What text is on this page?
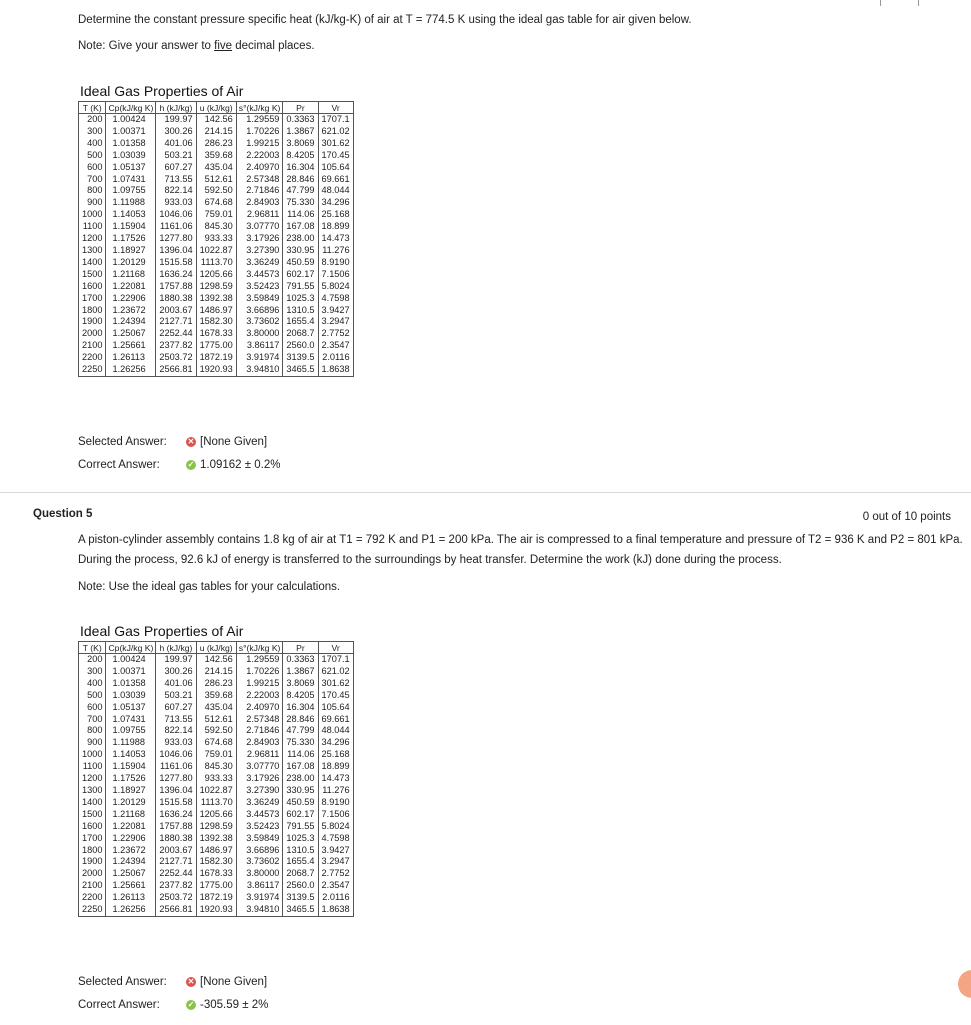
Determine the constant pressure specific heat (kJ/kg-K) of air at T = 774.5 K using the ideal gas table for air given below.
Note: Give your answer to five decimal places.
Ideal Gas Properties of Air
T (K)	Cp(kJ/kg K)	h (kJ/kg)	u (kJ/kg)	s°(kJ/kg K)	Pr	Vr
200	1.00424	199.97	142.56	1.29559	0.3363	1707.1
300	1.00371	300.26	214.15	1.70226	1.3867	621.02
400	1.01358	401.06	286.23	1.99215	3.8069	301.62
500	1.03039	503.21	359.68	2.22003	8.4205	170.45
600	1.05137	607.27	435.04	2.40970	16.304	105.64
700	1.07431	713.55	512.61	2.57348	28.846	69.661
800	1.09755	822.14	592.50	2.71846	47.799	48.044
900	1.11988	933.03	674.68	2.84903	75.330	34.296
1000	1.14053	1046.06	759.01	2.96811	114.06	25.168
1100	1.15904	1161.06	845.30	3.07770	167.08	18.899
1200	1.17526	1277.80	933.33	3.17926	238.00	14.473
1300	1.18927	1396.04	1022.87	3.27390	330.95	11.276
1400	1.20129	1515.58	1113.70	3.36249	450.59	8.9190
1500	1.21168	1636.24	1205.66	3.44573	602.17	7.1506
1600	1.22081	1757.88	1298.59	3.52423	791.55	5.8024
1700	1.22906	1880.38	1392.38	3.59849	1025.3	4.7598
1800	1.23672	2003.67	1486.97	3.66896	1310.5	3.9427
1900	1.24394	2127.71	1582.30	3.73602	1655.4	3.2947
2000	1.25067	2252.44	1678.33	3.80000	2068.7	2.7752
2100	1.25661	2377.82	1775.00	3.86117	2560.0	2.3547
2200	1.26113	2503.72	1872.19	3.91974	3139.5	2.0116
2250	1.26256	2566.81	1920.93	3.94810	3465.5	1.8638
Selected Answer:	✕ [None Given]
Correct Answer:	✓ 1.09162 ± 0.2%
Question 5	0 out of 10 points
A piston-cylinder assembly contains 1.8 kg of air at T1 = 792 K and P1 = 200 kPa. The air is compressed to a final temperature and pressure of T2 = 936 K and P2 = 801 kPa.
During the process, 92.6 kJ of energy is transferred to the surroundings by heat transfer. Determine the work (kJ) done during the process.
Note: Use the ideal gas tables for your calculations.
Ideal Gas Properties of Air
T (K)	Cp(kJ/kg K)	h (kJ/kg)	u (kJ/kg)	s°(kJ/kg K)	Pr	Vr
200	1.00424	199.97	142.56	1.29559	0.3363	1707.1
300	1.00371	300.26	214.15	1.70226	1.3867	621.02
400	1.01358	401.06	286.23	1.99215	3.8069	301.62
500	1.03039	503.21	359.68	2.22003	8.4205	170.45
600	1.05137	607.27	435.04	2.40970	16.304	105.64
700	1.07431	713.55	512.61	2.57348	28.846	69.661
800	1.09755	822.14	592.50	2.71846	47.799	48.044
900	1.11988	933.03	674.68	2.84903	75.330	34.296
1000	1.14053	1046.06	759.01	2.96811	114.06	25.168
1100	1.15904	1161.06	845.30	3.07770	167.08	18.899
1200	1.17526	1277.80	933.33	3.17926	238.00	14.473
1300	1.18927	1396.04	1022.87	3.27390	330.95	11.276
1400	1.20129	1515.58	1113.70	3.36249	450.59	8.9190
1500	1.21168	1636.24	1205.66	3.44573	602.17	7.1506
1600	1.22081	1757.88	1298.59	3.52423	791.55	5.8024
1700	1.22906	1880.38	1392.38	3.59849	1025.3	4.7598
1800	1.23672	2003.67	1486.97	3.66896	1310.5	3.9427
1900	1.24394	2127.71	1582.30	3.73602	1655.4	3.2947
2000	1.25067	2252.44	1678.33	3.80000	2068.7	2.7752
2100	1.25661	2377.82	1775.00	3.86117	2560.0	2.3547
2200	1.26113	2503.72	1872.19	3.91974	3139.5	2.0116
2250	1.26256	2566.81	1920.93	3.94810	3465.5	1.8638
Selected Answer:	✕ [None Given]
Correct Answer:	✓ -305.59 ± 2%
